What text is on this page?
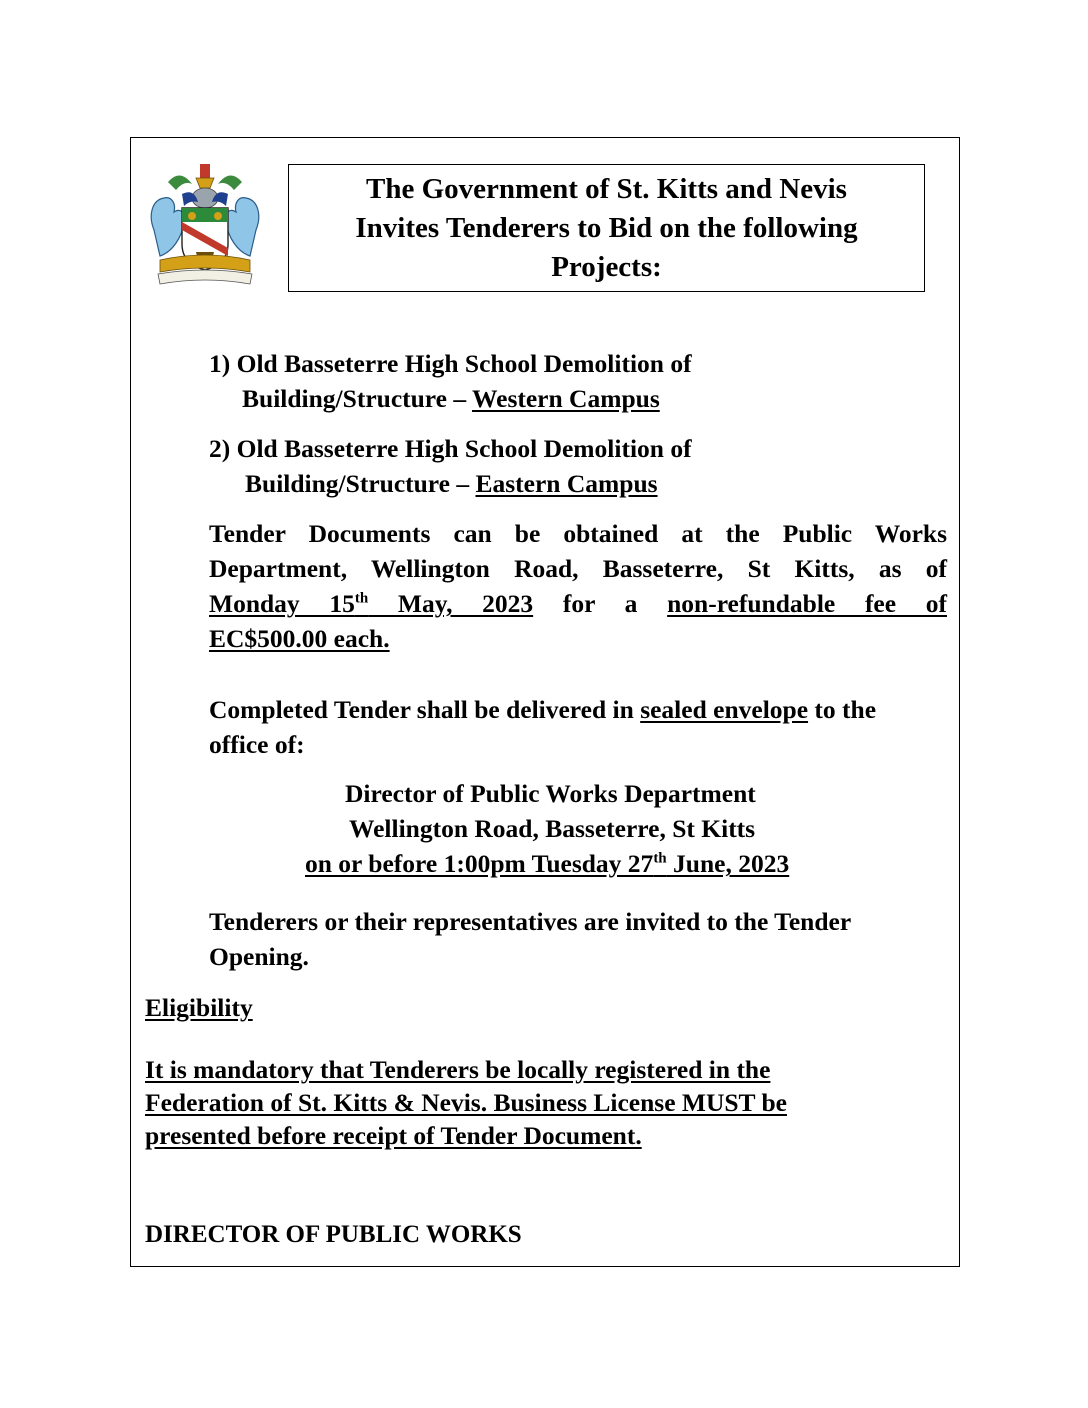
The Government of St. Kitts and Nevis
Invites Tenderers to Bid on the following
Projects:
1) Old Basseterre High School Demolition of
Building/Structure – Western Campus
2) Old Basseterre High School Demolition of
Building/Structure – Eastern Campus
Tender Documents can be obtained at the Public Works
Department, Wellington Road, Basseterre, St Kitts, as of
Monday 15th May, 2023 for a non-refundable fee of
EC$500.00 each.
Completed Tender shall be delivered in sealed envelope to the
office of:
Director of Public Works Department
Wellington Road, Basseterre, St Kitts
on or before 1:00pm Tuesday 27th June, 2023
Tenderers or their representatives are invited to the Tender
Opening.
Eligibility
It is mandatory that Tenderers be locally registered in the
Federation of St. Kitts & Nevis. Business License MUST be
presented before receipt of Tender Document.
DIRECTOR OF PUBLIC WORKS
